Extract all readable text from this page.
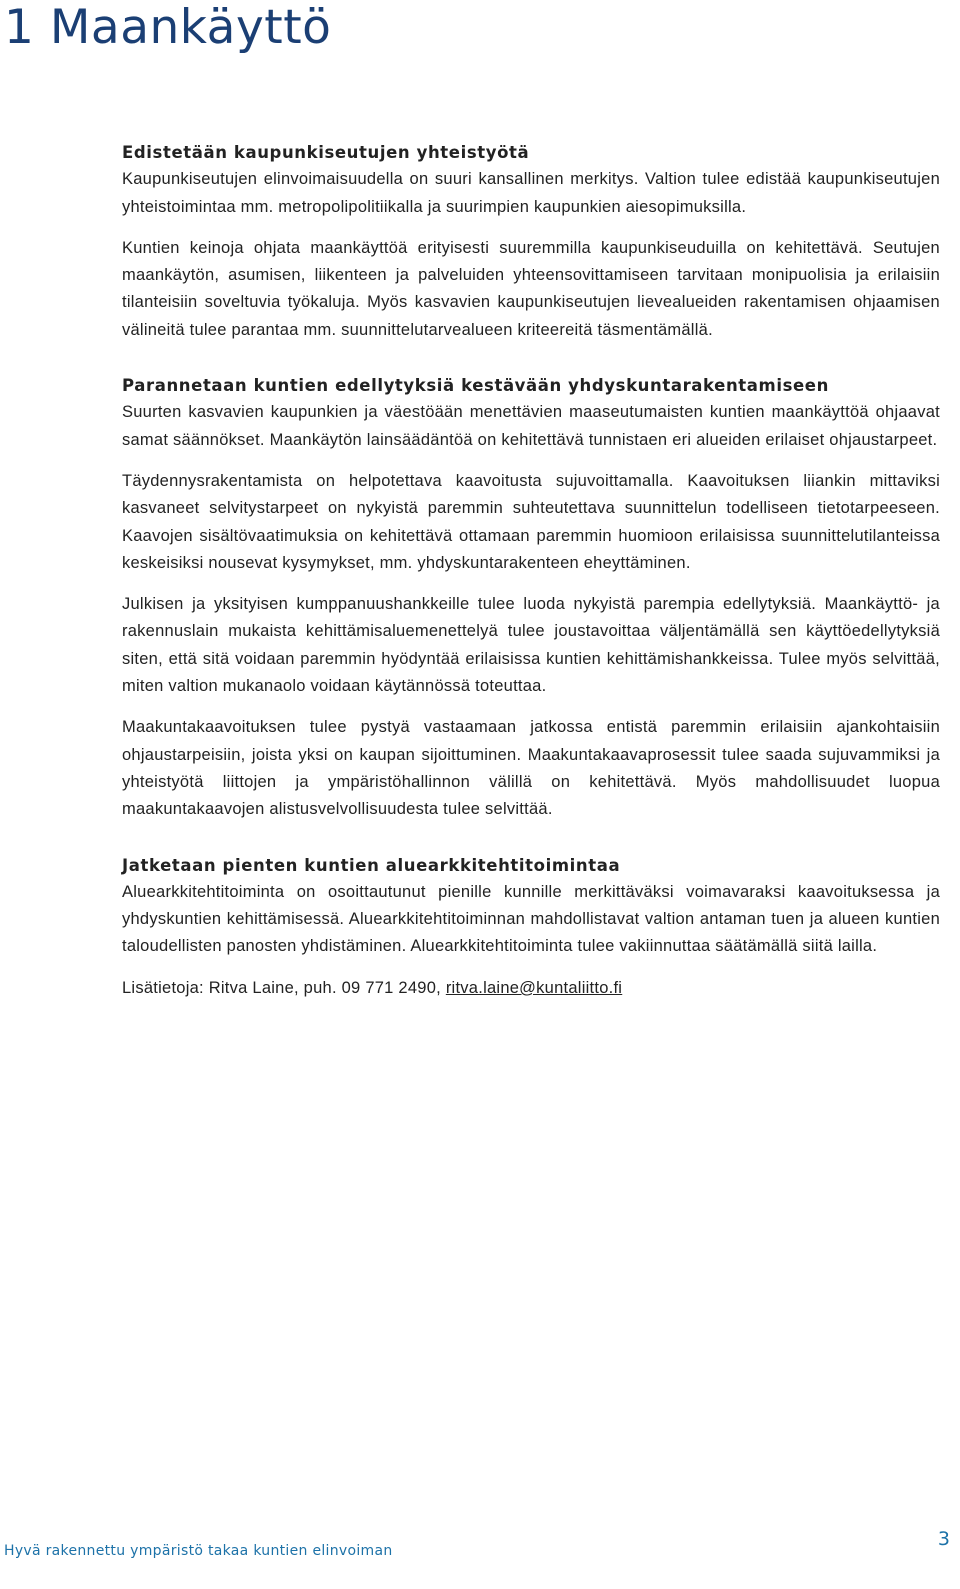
1 Maankäyttö
Edistetään kaupunkiseutujen yhteistyötä

Kaupunkiseutujen elinvoimaisuudella on suuri kansallinen merkitys. Valtion tulee edistää kaupunkiseutujen yhteistoimintaa mm. metropolipolitiikalla ja suurimpien kaupunkien aiesopimuksilla.

Kuntien keinoja ohjata maankäyttöä erityisesti suuremmilla kaupunkiseuduilla on kehitettävä. Seutujen maankäytön, asumisen, liikenteen ja palveluiden yhteensovittamiseen tarvitaan monipuolisia ja erilaisiin tilanteisiin soveltuvia työkaluja. Myös kasvavien kaupunkiseutujen lievealueiden rakentamisen ohjaamisen välineitä tulee parantaa mm. suunnittelutarvealueen kriteereitä täsmentämällä.

Parannetaan kuntien edellytyksiä kestävään yhdyskuntarakentamiseen

Suurten kasvavien kaupunkien ja väestöään menettävien maaseutumaisten kuntien maankäyttöä ohjaavat samat säännökset. Maankäytön lainsäädäntöä on kehitettävä tunnistaen eri alueiden erilaiset ohjaustarpeet.

Täydennysrakentamista on helpotettava kaavoitusta sujuvoittamalla. Kaavoituksen liiankin mittaviksi kasvaneet selvitystarpeet on nykyistä paremmin suhteutettava suunnittelun todelliseen tietotarpeeseen. Kaavojen sisältövaatimuksia on kehitettävä ottamaan paremmin huomioon erilaisissa suunnittelutilanteissa keskeisiksi nousevat kysymykset, mm. yhdyskuntarakenteen eheyttäminen.

Julkisen ja yksityisen kumppanuushankkeille tulee luoda nykyistä parempia edellytyksiä. Maankäyttö- ja rakennuslain mukaista kehittämisaluemenettelyä tulee joustavoittaa väljentämällä sen käyttöedellytyksiä siten, että sitä voidaan paremmin hyödyntää erilaisissa kuntien kehittämishankkeissa. Tulee myös selvittää, miten valtion mukanaolo voidaan käytännössä toteuttaa.

Maakuntakaavoituksen tulee pystyä vastaamaan jatkossa entistä paremmin erilaisiin ajankohtaisiin ohjaustarpeisiin, joista yksi on kaupan sijoittuminen. Maakuntakaavaprosessit tulee saada sujuvammiksi ja yhteistyötä liittojen ja ympäristöhallinnon välillä on kehitettävä. Myös mahdollisuudet luopua maakuntakaavojen alistusvelvollisuudesta tulee selvittää.

Jatketaan pienten kuntien aluearkkitehtitoimintaa

Aluearkkitehtitoiminta on osoittautunut pienille kunnille merkittäväksi voimavaraksi kaavoituksessa ja yhdyskuntien kehittämisessä. Aluearkkitehtitoiminnan mahdollistavat valtion antaman tuen ja alueen kuntien taloudellisten panosten yhdistäminen. Aluearkkitehtitoiminta tulee vakiinnuttaa säätämällä siitä lailla.

Lisätietoja: Ritva Laine, puh. 09 771 2490, ritva.laine@kuntaliitto.fi

Hyvä rakennettu ympäristö takaa kuntien elinvoiman
3
